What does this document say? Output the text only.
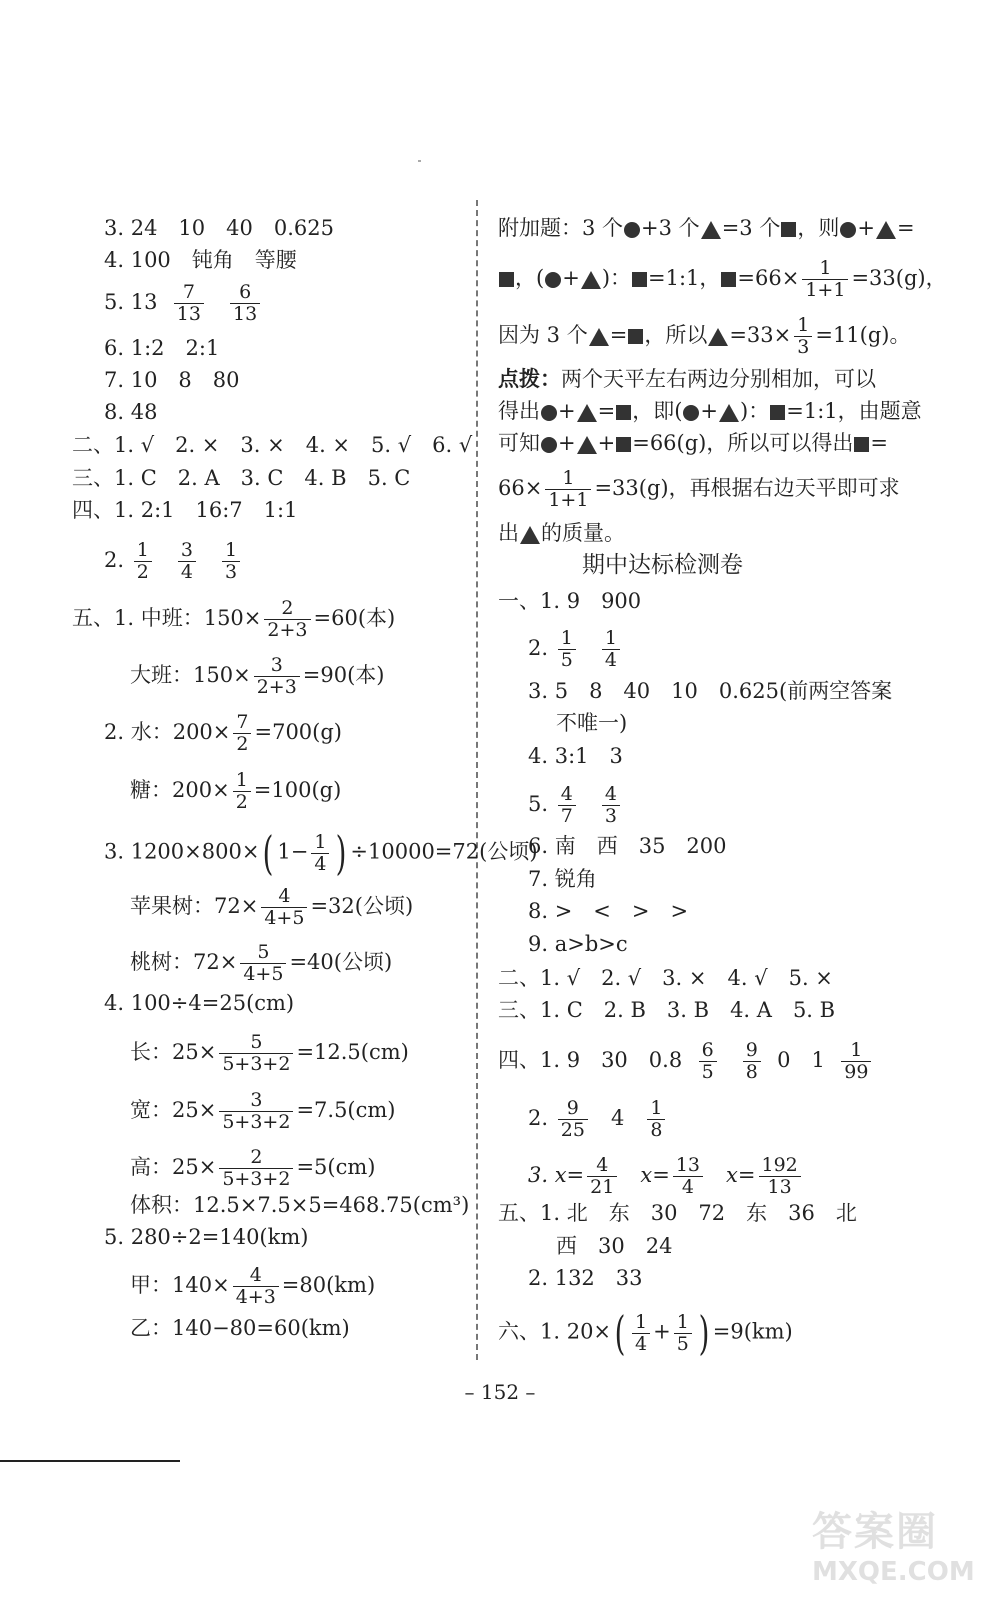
3. 24　10　40　0.625
4. 100　钝角　等腰
5. $13 \frac{7}{13}$
$\frac{6}{13}$
6. 1:2　2:1
7. 10　8　80
8. 48
二、1. √　2. ×　3. ×　4. ×　5. √　6. √
三、1. C　2. A　3. C　4. B　5. C
四、1. 2:1　16:7　1:1
2. $\frac{1}{2}$
$\frac{3}{4}$
$\frac{1}{3}$
五、1. 中班：$150\times \frac{2}{2+3} =60$(本)
大班：$150\times \frac{3}{2+3} =90$(本)
2. 水：$200\times \frac{7}{2} =700(g)$
糖：$200\times \frac{1}{2} =100(g)$
3. 1200×800×( $1- \frac{1}{4}$ ) ÷10000=72(公顷)
苹果树：$72\times \frac{4}{4+5} =32$(公顷)
桃树：$72\times \frac{5}{4+5} =40$(公顷)
4. 100÷4=25(cm)
长：$25\times \frac{5}{5+3+2} =12.5(cm)$
宽：$25\times \frac{3}{5+3+2} =7.5(cm)$
高：$25\times \frac{2}{5+3+2} =5(cm)$
体积：12.5×7.5×5=468.75(cm³)
5. 280÷2=140(km)
甲：$140\times \frac{4}{4+3} =80(km)$
乙：140−80=60(km)
附加题：3 个 +3 个 =3 个 ，则 + =
，( + )： =1:1， $=66\times \frac{1}{1+1} =33(g)$，
因为 3 个 = ，所以 $=33\times \frac{1}{3} =11(g)$。
点拨：两个天平左右两边分别相加，可以
得出 + = ，即( + )： =1:1，由题意
可知 + + =66(g)，所以可以得出 =
$66\times \frac{1}{1+1} =33(g)$，再根据右边天平即可求
出 的质量。
期中达标检测卷
一、1. 9　900
2. $\frac{1}{5}$
$\frac{1}{4}$
3. 5　8　40　10　0.625(前两空答案
不唯一)
4. 3:1　3
5. $\frac{4}{7}$
$\frac{4}{3}$
6. 南　西　35　200
7. 锐角
8. >　<　>　>
9. a>b>c
二、1. √　2. √　3. ×　4. √　5. ×
三、1. C　2. B　3. B　4. A　5. B
四、1. 9　30　$0.8 \frac{6}{5}$
$\frac{9}{8} 0$　$1 \frac{1}{99}$
2. $\frac{9}{25} 4 \frac{1}{8}$
3. $x= \frac{4}{21} x= \frac{13}{4} x= \frac{192}{13}$
五、1. 北　东　30　72　东　36　北
西　30　24
2. 132　33
六、1. $20\times( \frac{1}{4} + \frac{1}{5}$ ) =9(km)
– 152 –
答案圈
MXQE.COM
